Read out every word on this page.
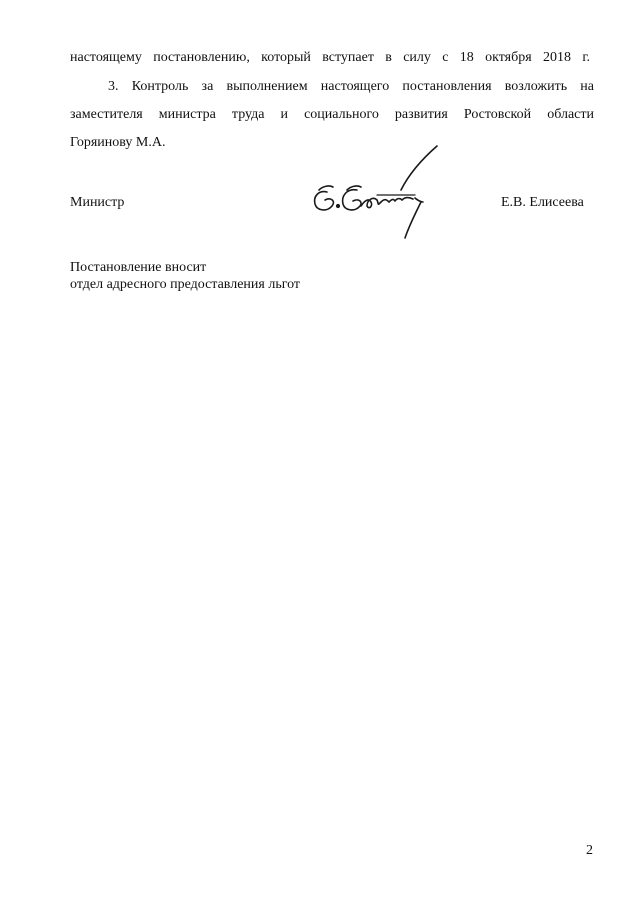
настоящему постановлению, который вступает в силу с 18 октября 2018 г.
3. Контроль за выполнением настоящего постановления возложить на
заместителя министра труда и социального развития Ростовской области
Горяинову М.А.
Министр	Е.В. Елисеева
Постановление вносит
отдел адресного предоставления льгот
2
